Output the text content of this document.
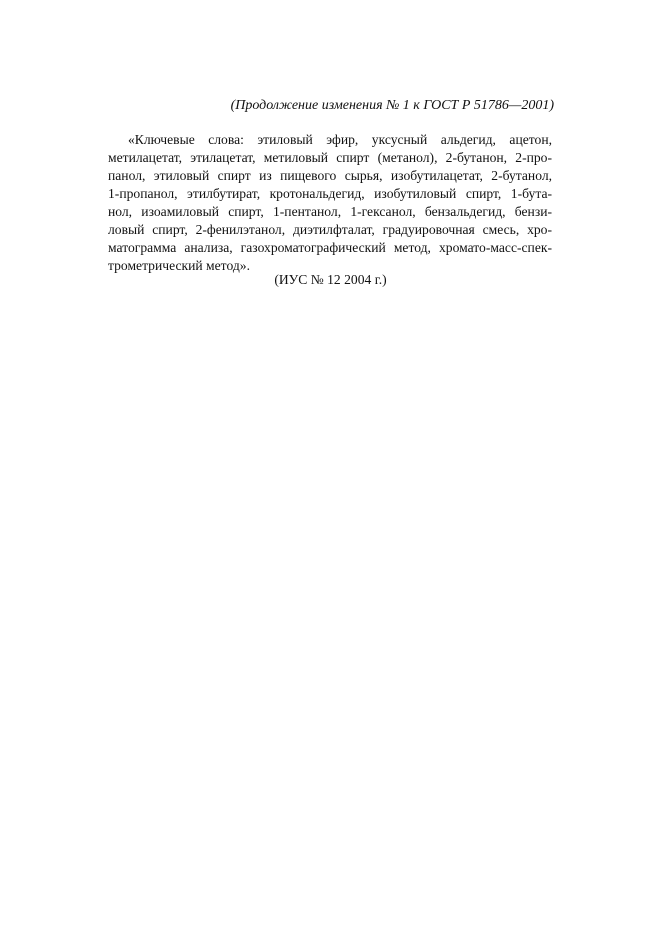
(Продолжение изменения № 1 к ГОСТ Р 51786—2001)
«Ключевые слова: этиловый эфир, уксусный альдегид, ацетон,
метилацетат, этилацетат, метиловый спирт (метанол), 2-бутанон, 2-про-
панол, этиловый спирт из пищевого сырья, изобутилацетат, 2-бутанол,
1-пропанол, этилбутират, кротональдегид, изобутиловый спирт, 1-бута-
нол, изоамиловый спирт, 1-пентанол, 1-гексанол, бензальдегид, бензи-
ловый спирт, 2-фенилэтанол, диэтилфталат, градуировочная смесь, хро-
матограмма анализа, газохроматографический метод, хромато-масс-спек-
трометрический метод».
(ИУС № 12 2004 г.)
